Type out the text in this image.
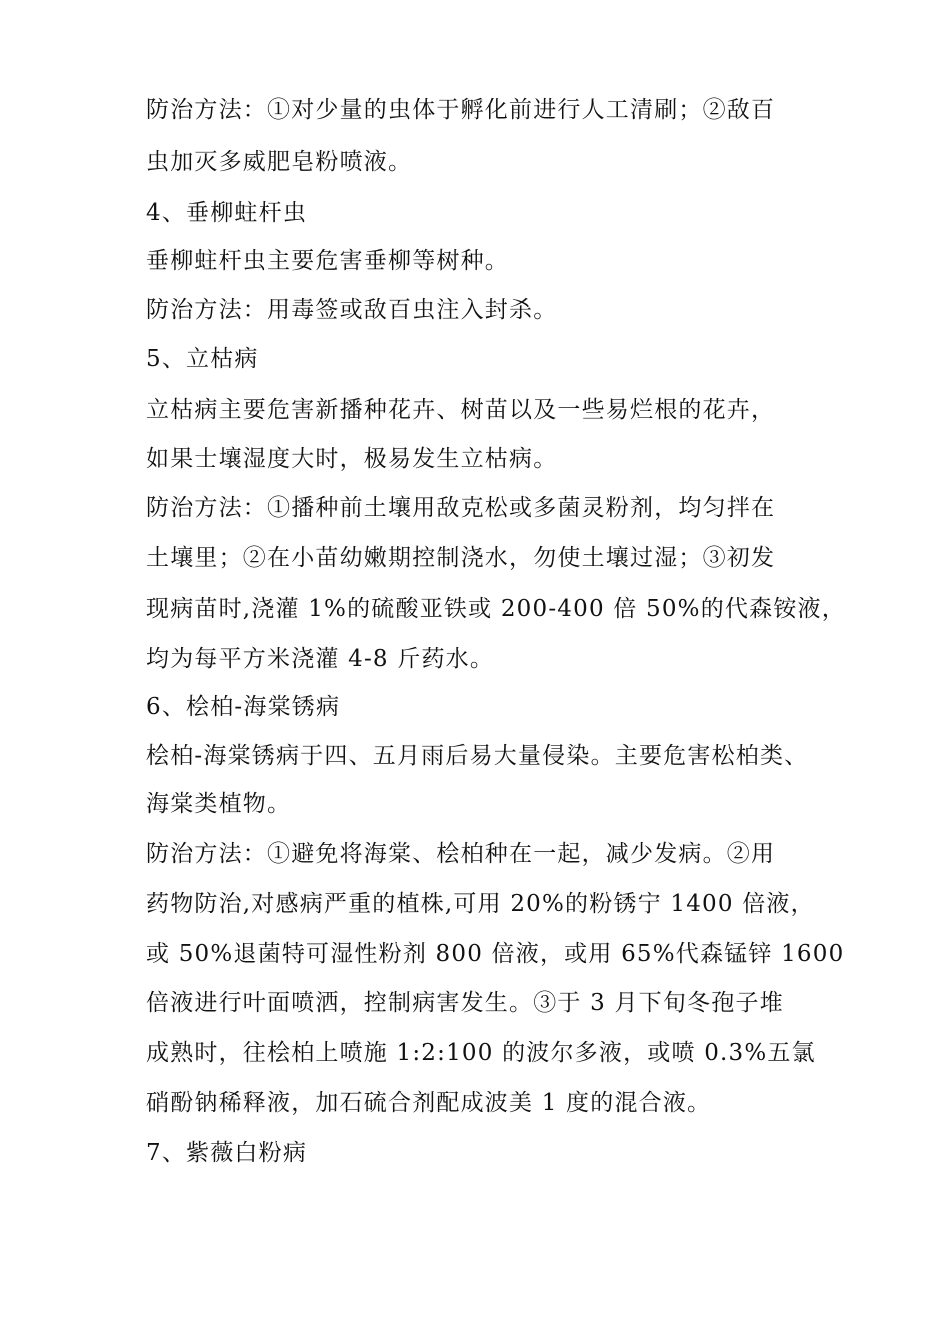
防治方法：①对少量的虫体于孵化前进行人工清刷；②敌百
虫加灭多威肥皂粉喷液。
4、垂柳蛀杆虫
垂柳蛀杆虫主要危害垂柳等树种。
防治方法：用毒签或敌百虫注入封杀。
5、立枯病
立枯病主要危害新播种花卉、树苗以及一些易烂根的花卉，
如果士壤湿度大时，极易发生立枯病。
防治方法：①播种前土壤用敌克松或多菌灵粉剂，均匀拌在
土壤里；②在小苗幼嫩期控制浇水，勿使土壤过湿；③初发
现病苗时,浇灌 1%的硫酸亚铁或 200-400 倍 50%的代森铵液，
均为每平方米浇灌 4-8 斤药水。
6、桧柏-海棠锈病
桧柏-海棠锈病于四、五月雨后易大量侵染。主要危害松柏类、
海棠类植物。
防治方法：①避免将海棠、桧柏种在一起，减少发病。②用
药物防治,对感病严重的植株,可用 20%的粉锈宁 1400 倍液，
或 50%退菌特可湿性粉剂 800 倍液，或用 65%代森锰锌 1600
倍液进行叶面喷洒，控制病害发生。③于 3 月下旬冬孢子堆
成熟时，往桧柏上喷施 1:2:100 的波尔多液，或喷 0.3%五氯
硝酚钠稀释液，加石硫合剂配成波美 1 度的混合液。
7、紫薇白粉病
